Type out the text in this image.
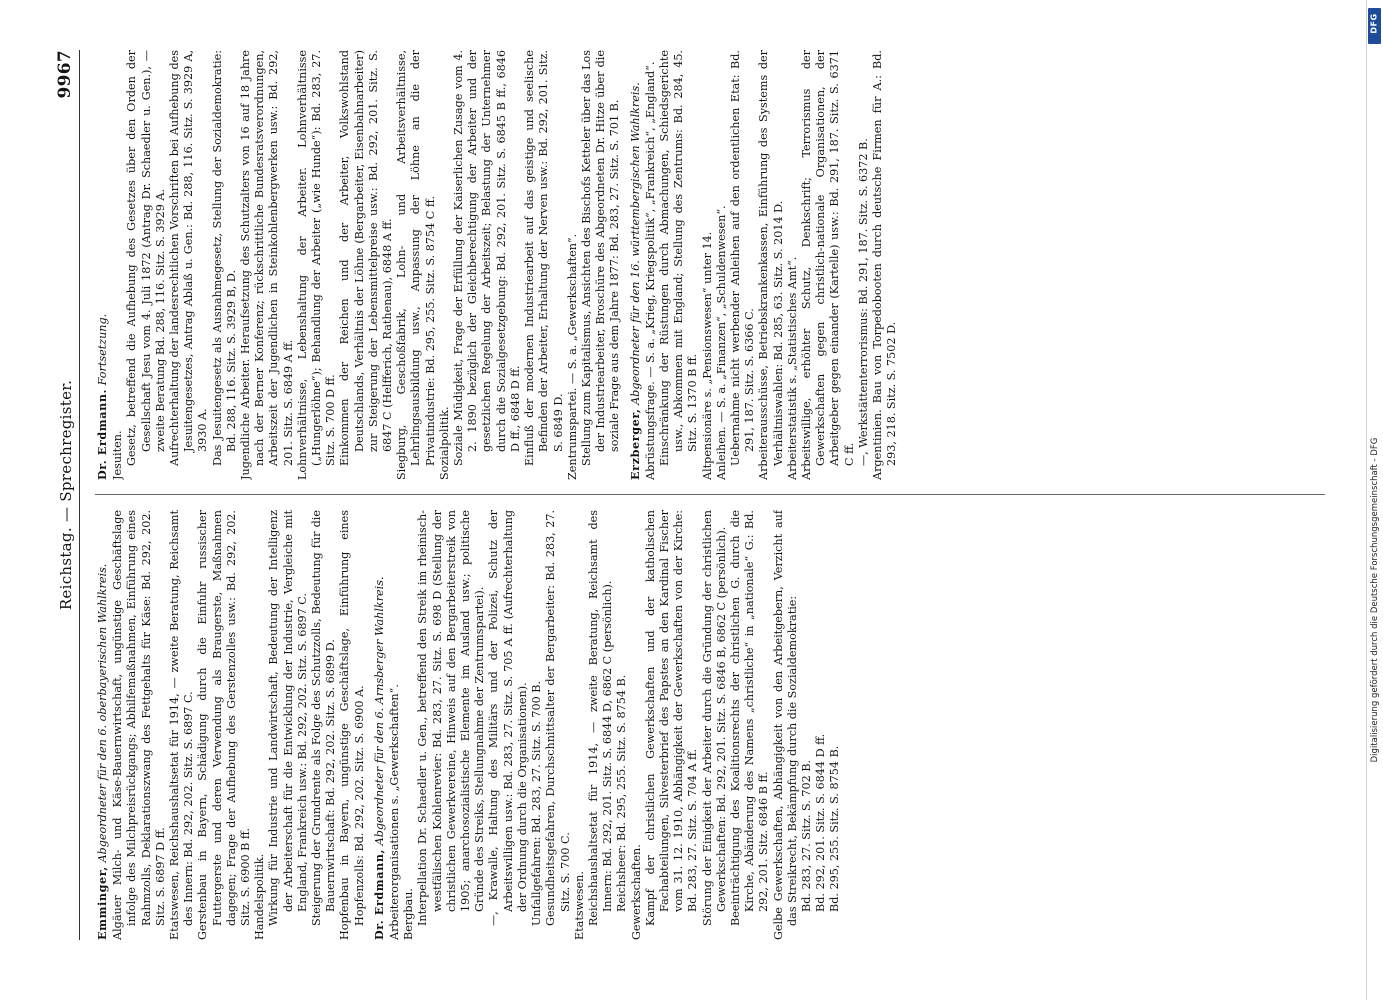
Reichstag. — Sprechregister.
9967

Emminger, Abgeordneter für den 6. oberbayerischen Wahlkreis. Algäuer Milch- und Käse-Bauernwirtschaft, ungünstige Geschäftslage infolge des Milchpreisrückgangs; Abhilfemaßnahmen, Einführung eines Rahmzolls, Deklarationszwang des Fettgehalts für Käse: Bd. 292, 202. Sitz. S. 6897 D ff. Etatswesen, Reichshaushaltsetat für 1914, — zweite Beratung, Reichsamt des Innern: Bd. 292, 202. Sitz. S. 6897 C. Gerstenbau in Bayern, Schädigung durch die Einfuhr russischer Futtergerste und deren Verwendung als Braugerste, Maßnahmen dagegen; Frage der Aufhebung des Gerstenzolles usw.: Bd. 292, 202. Sitz. S. 6900 B ff. Handelspolitik. Wirkung für Industrie und Landwirtschaft, Bedeutung der Intelligenz der Arbeiterschaft für die Entwicklung der Industrie, Vergleiche mit England, Frankreich usw.: Bd. 292, 202. Sitz. S. 6897 C. Steigerung der Grundrente als Folge des Schutzzolls, Bedeutung für die Bauernwirtschaft: Bd. 292, 202. Sitz. S. 6899 D. Hopfenbau in Bayern, ungünstige Geschäftslage, Einführung eines Hopfenzolls: Bd. 292, 202. Sitz. S. 6900 A. Dr. Erdmann, Abgeordneter für den 6. Arnsberger Wahlkreis. Arbeiterorganisationen s. „Gewerkschaften“. Bergbau. Interpellation Dr. Schaedler u. Gen., betreffend den Streik im rheinisch-westfälischen Kohlenrevier: Bd. 283, 27. Sitz. S. 698 D (Stellung der christlichen Gewerkvereine, Hinweis auf den Bergarbeiterstreik von 1905; anarchosozialistische Elemente im Ausland usw.; politische Gründe des Streiks, Stellungnahme der Zentrumspartei). —, Krawalle, Haltung des Militärs und der Polizei, Schutz der Arbeitswilligen usw.: Bd. 283, 27. Sitz. S. 705 A ff. (Aufrechterhaltung der Ordnung durch die Organisationen). Unfallgefahren: Bd. 283, 27. Sitz. S. 700 B. Gesundheitsgefahren, Durchschnittsalter der Bergarbeiter: Bd. 283, 27. Sitz. S. 700 C. Etatswesen. Reichshaushaltsetat für 1914, — zweite Beratung, Reichsamt des Innern: Bd. 292, 201. Sitz. S. 6844 D, 6862 C (persönlich). Reichsheer: Bd. 295, 255. Sitz. S. 8754 B. Gewerkschaften. Kampf der christlichen Gewerkschaften und der katholischen Fachabteilungen, Silvesterbrief des Papstes an den Kardinal Fischer vom 31. 12. 1910, Abhängigkeit der Gewerkschaften von der Kirche: Bd. 283, 27. Sitz. S. 704 A ff. Störung der Einigkeit der Arbeiter durch die Gründung der christlichen Gewerkschaften: Bd. 292, 201. Sitz. S. 6846 B, 6862 C (persönlich). Beeinträchtigung des Koalitionsrechts der christlichen G. durch die Kirche, Abänderung des Namens „christliche“ in „nationale“ G.: Bd. 292, 201. Sitz. 6846 B ff. Gelbe Gewerkschaften, Abhängigkeit von den Arbeitgebern, Verzicht auf das Streikrecht, Bekämpfung durch die Sozialdemokratie: Bd. 283, 27. Sitz. S. 702 B. Bd. 292, 201. Sitz. S. 6844 D ff. Bd. 295, 255. Sitz. S. 8754 B.

Dr. Erdmann. Fortsetzung.

Jesuiten. Gesetz, betreffend die Aufhebung des Gesetzes über den Orden der Gesellschaft Jesu vom 4. Juli 1872 (Antrag Dr. Schaedler u. Gen.), — zweite Beratung Bd. 288, 116. Sitz. S. 3929 A. Aufrechterhaltung der landesrechtlichen Vorschriften bei Aufhebung des Jesuitengesetzes, Antrag Ablaß u. Gen.: Bd. 288, 116. Sitz. S. 3929 A, 3930 A. Das Jesuitengesetz als Ausnahmegesetz, Stellung der Sozialdemokratie: Bd. 288, 116. Sitz. S. 3929 B, D. Jugendliche Arbeiter. Heraufsetzung des Schutzalters von 16 auf 18 Jahre nach der Berner Konferenz; rückschrittliche Bundesratsverordnungen, Arbeitszeit der Jugendlichen in Steinkohlenbergwerken usw.: Bd. 292, 201. Sitz. S. 6849 A ff. Lohnverhältnisse, Lebenshaltung der Arbeiter. Lohnverhältnisse („Hungerlöhne“); Behandlung der Arbeiter („wie Hunde“): Bd. 283, 27. Sitz. S. 700 D ff. Einkommen der Reichen und der Arbeiter, Volkswohlstand Deutschlands, Verhältnis der Löhne (Bergarbeiter, Eisenbahnarbeiter) zur Steigerung der Lebensmittelpreise usw.: Bd. 292, 201. Sitz. S. 6847 C (Helfferich, Rathenau), 6848 A ff. Siegburg, Geschoßfabrik, Lohn- und Arbeitsverhältnisse, Lehrlingsausbildung usw., Anpassung der Löhne an die der Privatindustrie: Bd. 295, 255. Sitz. S. 8754 C ff. Sozialpolitik. Soziale Müdigkeit, Frage der Erfüllung der Kaiserlichen Zusage vom 4. 2. 1890 bezüglich der Gleichberechtigung der Arbeiter und der gesetzlichen Regelung der Arbeitszeit; Belastung der Unternehmer durch die Sozialgesetzgebung: Bd. 292, 201. Sitz. S. 6845 B ff., 6846 D ff., 6848 D ff. Einfluß der modernen Industriearbeit auf das geistige und seelische Befinden der Arbeiter, Erhaltung der Nerven usw.: Bd. 292, 201. Sitz. S. 6849 D. Zentrumspartei. — S. a. „Gewerkschaften“. Stellung zum Kapitalismus, Ansichten des Bischofs Ketteler über das Los der Industriearbeiter, Broschüre des Abgeordneten Dr. Hitze über die soziale Frage aus dem Jahre 1877: Bd. 283, 27. Sitz. S. 701 B. Erzberger, Abgeordneter für den 16. württembergischen Wahlkreis. Abrüstungsfrage. — S. a. „Krieg, Kriegspolitik“, „Frankreich“, „England“. Einschränkung der Rüstungen durch Abmachungen, Schiedsgerichte usw., Abkommen mit England; Stellung des Zentrums: Bd. 284, 45. Sitz. S. 1370 B ff. Altpensionäre s. „Pensionswesen“ unter 14. Anleihen. — S. a. „Finanzen“, „Schuldenwesen“. Uebernahme nicht werbender Anleihen auf den ordentlichen Etat: Bd. 291, 187. Sitz. S. 6366 C. Arbeiterausschüsse, Betriebskrankenkassen, Einführung des Systems der Verhältniswahlen: Bd. 285, 63. Sitz. S. 2014 D. Arbeiterstatistik s. „Statistisches Amt“. Arbeitswillige, erhöhter Schutz, Denkschrift; Terrorismus der Gewerkschaften gegen christlich-nationale Organisationen, der Arbeitgeber gegen einander (Kartelle) usw.: Bd. 291, 187. Sitz. S. 6371 C ff. —, Werkstättenterrorismus: Bd. 291, 187. Sitz. S. 6372 B. Argentinien. Bau von Torpedobooten durch deutsche Firmen für A.: Bd. 293, 218. Sitz. S. 7502 D.

DFG
Digitalisierung gefördert durch die Deutsche Forschungsgemeinschaft - DFG
